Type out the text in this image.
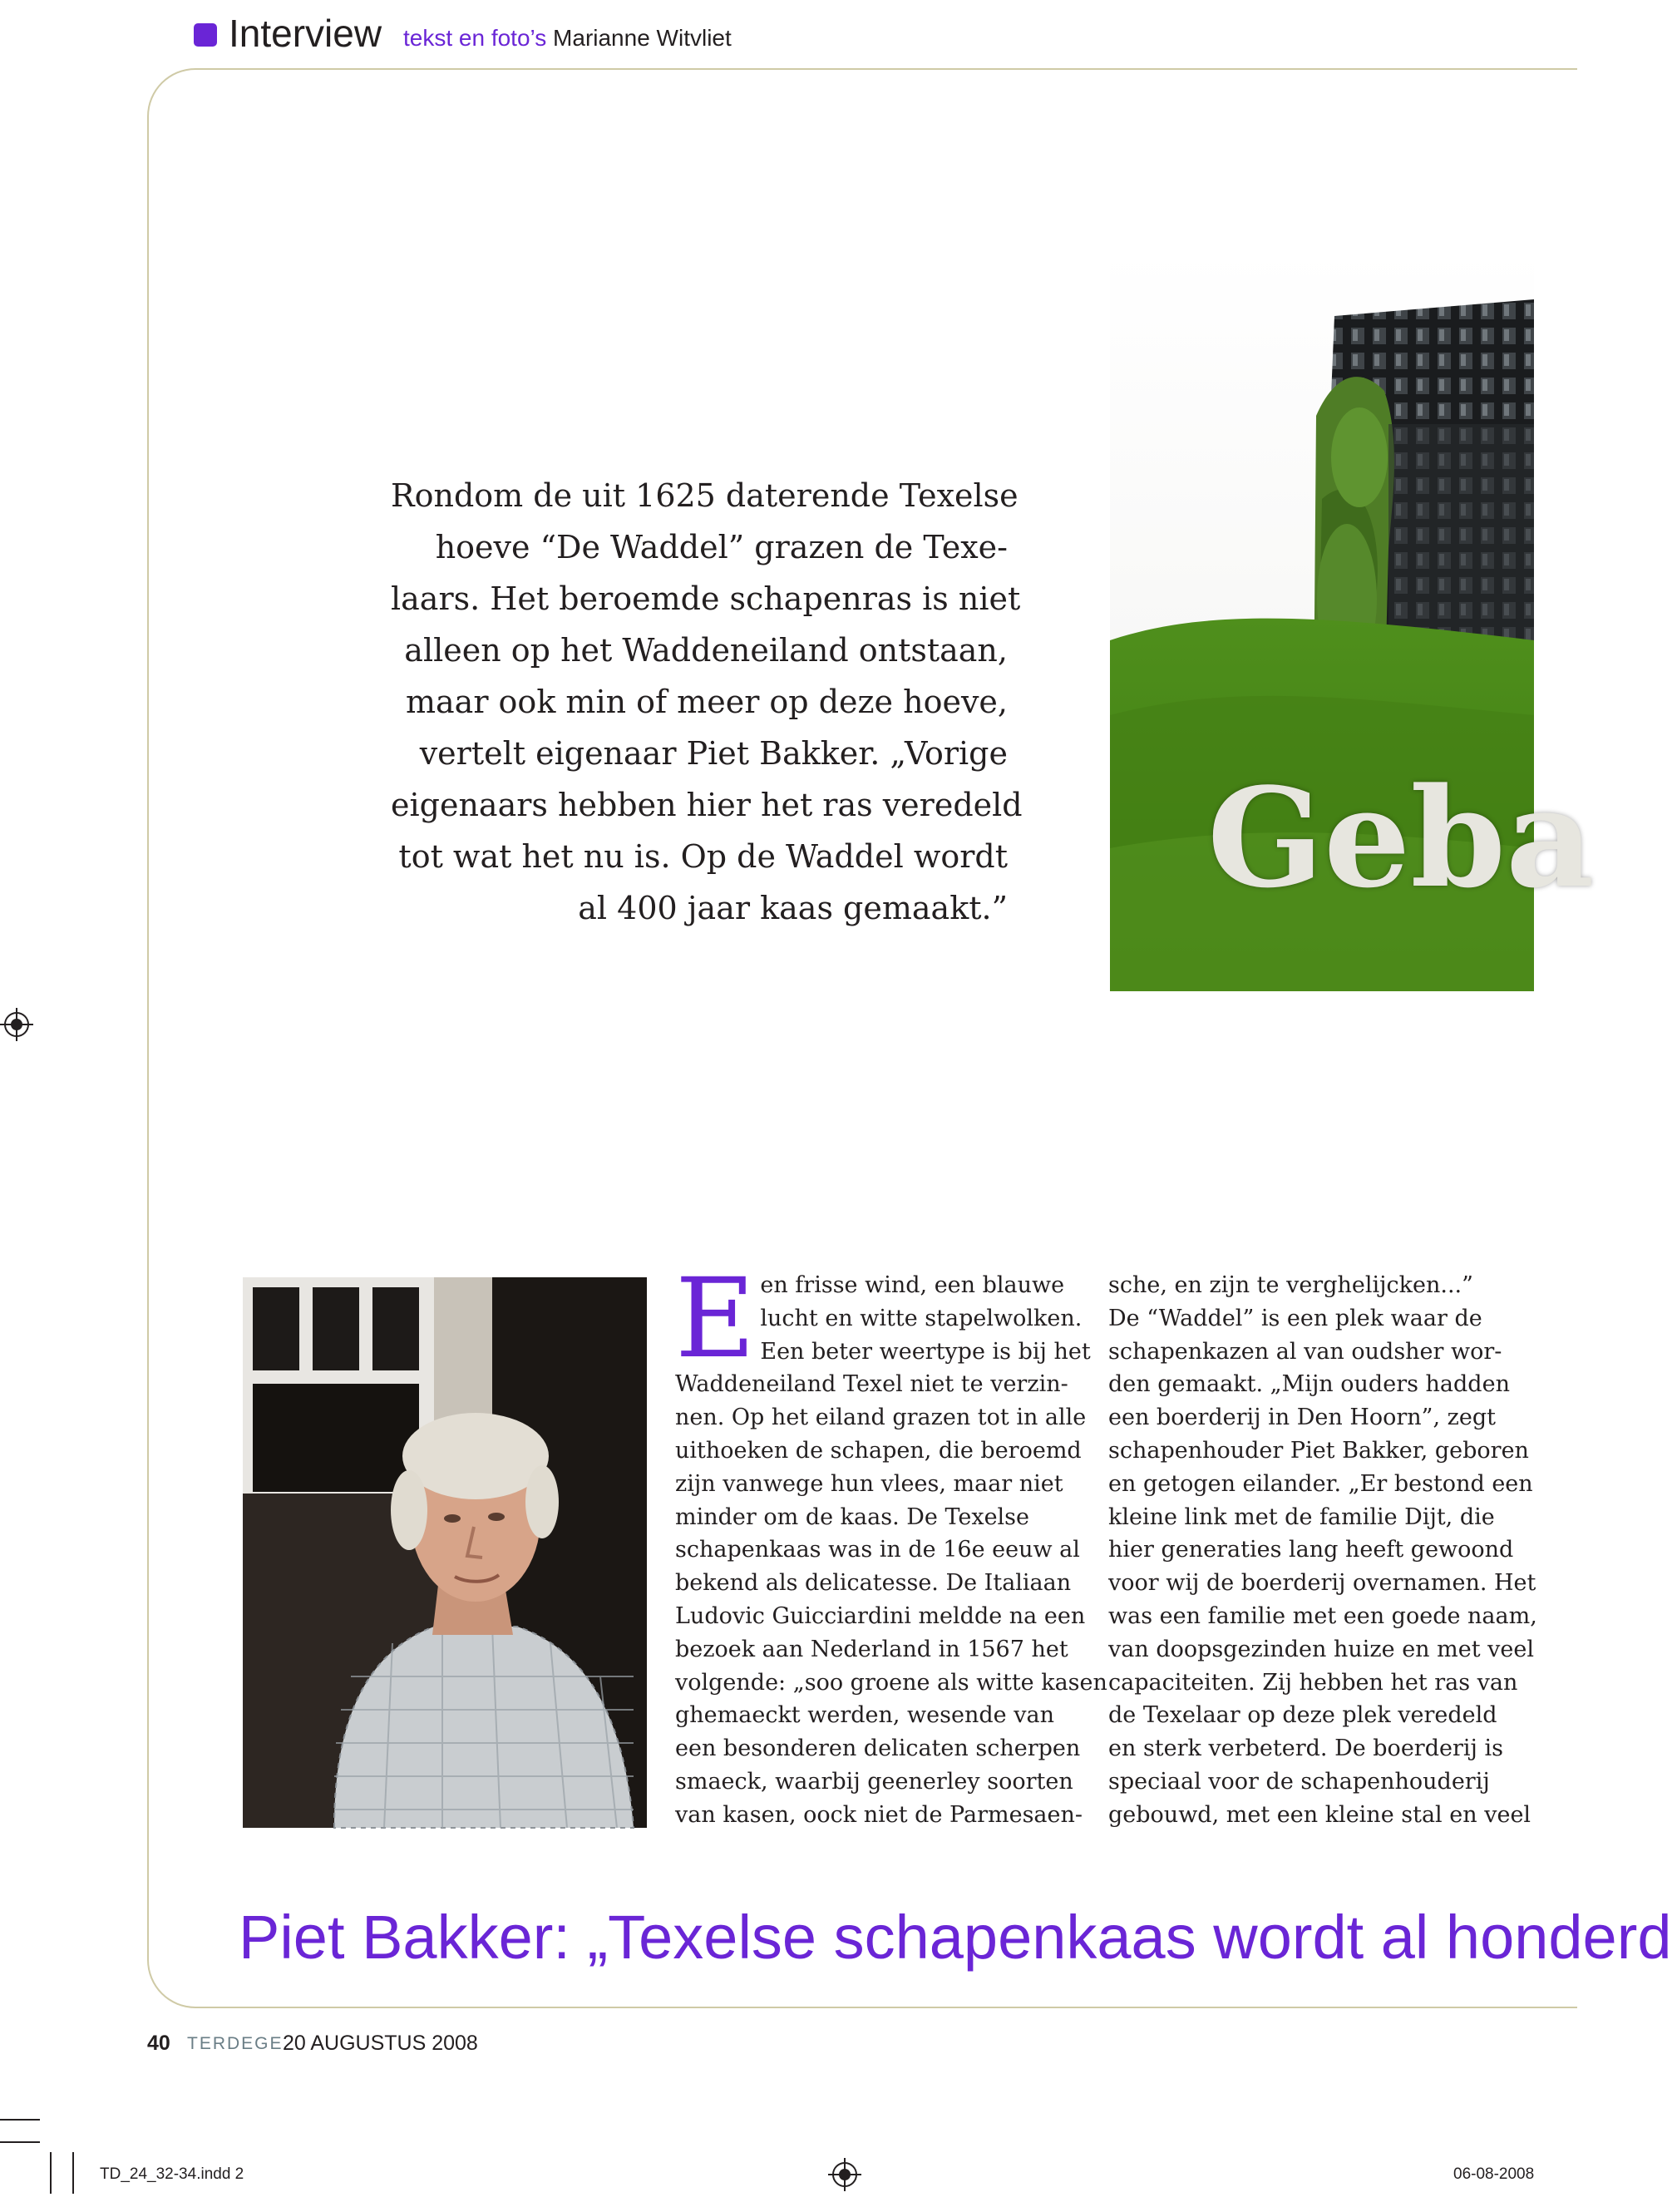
Interview tekst en foto’s Marianne Witvliet
Rondom de uit 1625 daterende Texelse
hoeve “De Waddel” grazen de Texe-
laars. Het beroemde schapenras is niet
alleen op het Waddeneiland ontstaan,
maar ook min of meer op deze hoeve,
vertelt eigenaar Piet Bakker. „Vorige
eigenaars hebben hier het ras veredeld
tot wat het nu is. Op de Waddel wordt
al 400 jaar kaas gemaakt.” Geba
E en frisse wind, een blauwe
lucht en witte stapelwolken.
Een beter weertype is bij het
Waddeneiland Texel niet te verzin-
nen. Op het eiland grazen tot in alle
uithoeken de schapen, die beroemd
zijn vanwege hun vlees, maar niet
minder om de kaas. De Texelse
schapenkaas was in de 16e eeuw al
bekend als delicatesse. De Italiaan
Ludovic Guicciardini meldde na een
bezoek aan Nederland in 1567 het
volgende: „soo groene als witte kasen
ghemaeckt werden, wesende van
een besonderen delicaten scherpen
smaeck, waarbij geenerley soorten
van kasen, oock niet de Parmesaen-
sche, en zijn te verghelijcken...”
De “Waddel” is een plek waar de
schapenkazen al van oudsher wor-
den gemaakt. „Mijn ouders hadden
een boerderij in Den Hoorn”, zegt
schapenhouder Piet Bakker, geboren
en getogen eilander. „Er bestond een
kleine link met de familie Dijt, die
hier generaties lang heeft gewoond
voor wij de boerderij overnamen. Het
was een familie met een goede naam,
van doopsgezinden huize en met veel
capaciteiten. Zij hebben het ras van
de Texelaar op deze plek veredeld
en sterk verbeterd. De boerderij is
speciaal voor de schapenhouderij
gebouwd, met een kleine stal en veel
Piet Bakker: „Texelse schapenkaas wordt al honderd
40 TERDEGE 20 AUGUSTUS 2008
TD_24_32-34.indd 2	06-08-2008
